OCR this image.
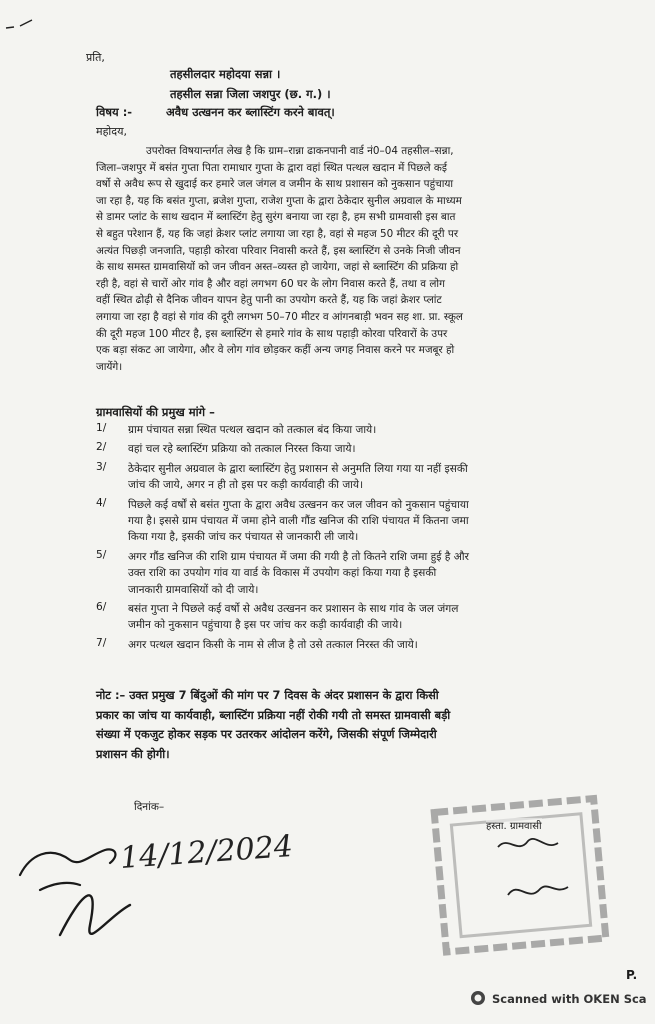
प्रति,
तहसीलदार महोदया सन्ना ।
तहसील सन्ना जिला जशपुर (छ. ग.) ।
विषय :-	अवैध उत्खनन कर ब्लास्टिंग करने बावत्।
महोदय,
उपरोक्त विषयान्तर्गत लेख है कि ग्राम–रान्ना ढाकनपानी वार्ड नं0–04 तहसील–सन्ना,
जिला–जशपुर में बसंत गुप्ता पिता रामाधार गुप्ता के द्वारा वहां स्थित पत्थल खदान में पिछले कई
वर्षो से अवैध रूप से खुदाई कर हमारे जल जंगल व जमीन के साथ प्रशासन को नुकसान पहुंचाया
जा रहा है, यह कि बसंत गुप्ता, ब्रजेश गुप्ता, राजेश गुप्ता के द्वारा ठेकेदार सुनील अग्रवाल के माध्यम
से डामर प्लांट के साथ खदान में ब्लास्टिंग हेतु सुरंग बनाया जा रहा है, हम सभी ग्रामवासी इस बात
से बहुत परेशान हैं, यह कि जहां क्रेशर प्लांट लगाया जा रहा है, वहां से महज 50 मीटर की दूरी पर
अत्यंत पिछड़ी जनजाति, पहाड़ी कोरवा परिवार निवासी करते हैं, इस ब्लास्टिंग से उनके निजी जीवन
के साथ समस्त ग्रामवासियों को जन जीवन अस्त–व्यस्त हो जायेगा, जहां से ब्लास्टिंग की प्रक्रिया हो
रही है, वहां से चारों ओर गांव है और वहां लगभग 60 घर के लोग निवास करते हैं, तथा व लोग
वहीं स्थित ढोढ़ी से दैनिक जीवन यापन हेतु पानी का उपयोग करते हैं, यह कि जहां क्रेशर प्लांट
लगाया जा रहा है वहां से गांव की दूरी लगभग 50–70 मीटर व आंगनबाड़ी भवन सह शा. प्रा. स्कूल
की दूरी महज 100 मीटर है, इस ब्लास्टिंग से हमारे गांव के साथ पहाड़ी कोरवा परिवारों के उपर
एक बड़ा संकट आ जायेगा, और वे लोग गांव छोड़कर कहीं अन्य जगह निवास करने पर मजबूर हो
जायेंगे।
ग्रामवासियों की प्रमुख मांगे –
1/	ग्राम पंचायत सन्ना स्थित पत्थल खदान को तत्काल बंद किया जाये।
2/	वहां चल रहे ब्लास्टिंग प्रक्रिया को तत्काल निरस्त किया जाये।
3/	ठेकेदार सुनील अग्रवाल के द्वारा ब्लास्टिंग हेतु प्रशासन से अनुमति लिया गया या नहीं इसकी
जांच की जाये, अगर न ही तो इस पर कड़ी कार्यवाही की जाये।
4/	पिछले कई वर्षों से बसंत गुप्ता के द्वारा अवैध उत्खनन कर जल जीवन को नुकसान पहुंचाया
गया है। इससे ग्राम पंचायत में जमा होने वाली गौंड खनिज की राशि पंचायत में कितना जमा
किया गया है, इसकी जांच कर पंचायत से जानकारी ली जाये।
5/	अगर गौंड खनिज की राशि ग्राम पंचायत में जमा की गयी है तो कितने राशि जमा हुई है और
उक्त राशि का उपयोग गांव या वार्ड के विकास में उपयोग कहां किया गया है इसकी
जानकारी ग्रामवासियों को दी जाये।
6/	बसंत गुप्ता ने पिछले कई वर्षो से अवैध उत्खनन कर प्रशासन के साथ गांव के जल जंगल
जमीन को नुकसान पहुंचाया है इस पर जांच कर कड़ी कार्यवाही की जाये।
7/	अगर पत्थल खदान किसी के नाम से लीज है तो उसे तत्काल निरस्त की जाये।
नोट :– उक्त प्रमुख 7 बिंदुओं की मांग पर 7 दिवस के अंदर प्रशासन के द्वारा किसी
प्रकार का जांच या कार्यवाही, ब्लास्टिंग प्रक्रिया नहीं रोकी गयी तो समस्त ग्रामवासी बड़ी
संख्या में एकजुट होकर सड़क पर उतरकर आंदोलन करेंगे, जिसकी संपूर्ण जिम्मेदारी
प्रशासन की होगी।
दिनांक–
14/12/2024
हस्ता. ग्रामवासी
P.
Scanned with OKEN Sca
